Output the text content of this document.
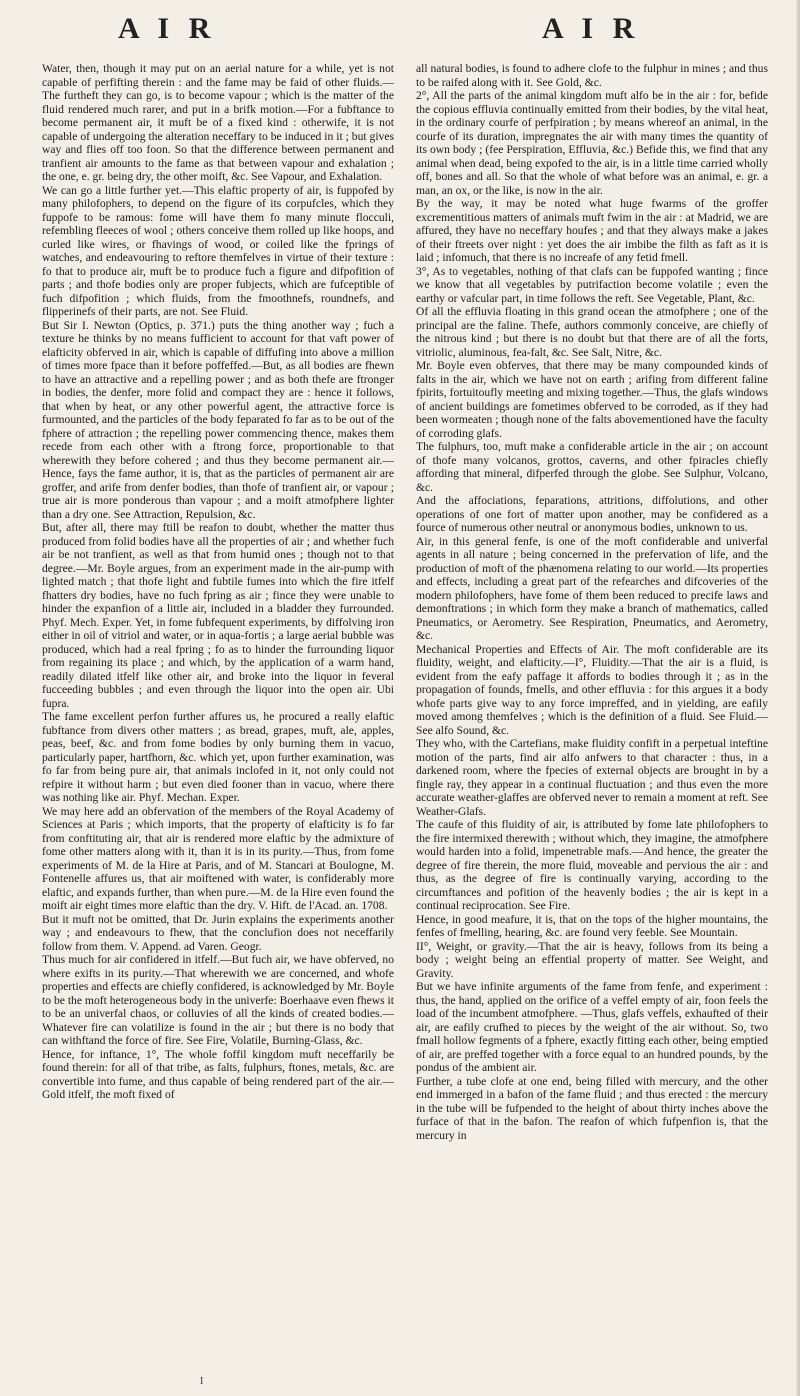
A I R	A I R

Water, then, though it may put on an aerial nature for a while, yet is not capable of perfifting therein : and the fame may be faid of other fluids.—The furtheft they can go, is to become vapour ; which is the matter of the fluid rendered much rarer, and put in a brifk motion.—For a fubftance to become permanent air, it muft be of a fixed kind : otherwife, it is not capable of undergoing the alteration neceffary to be induced in it ; but gives way and flies off too foon. So that the difference between permanent and tranfient air amounts to the fame as that between vapour and exhalation ; the one, e. gr. being dry, the other moift, &c. See Vapour, and Exhalation.

We can go a little further yet.—This elaftic property of air, is fuppofed by many philofophers, to depend on the figure of its corpufcles, which they fuppofe to be ramous: fome will have them fo many minute flocculi, refembling fleeces of wool ; others conceive them rolled up like hoops, and curled like wires, or fhavings of wood, or coiled like the fprings of watches, and endeavouring to reftore themfelves in virtue of their texture : fo that to produce air, muft be to produce fuch a figure and difpofition of parts ; and thofe bodies only are proper fubjects, which are fufceptible of fuch difpofition ; which fluids, from the fmoothnefs, roundnefs, and flipperinefs of their parts, are not. See Fluid.

But Sir I. Newton (Optics, p. 371.) puts the thing another way ; fuch a texture he thinks by no means fufficient to account for that vaft power of elafticity obferved in air, which is capable of diffufing into above a million of times more fpace than it before poffeffed.—But, as all bodies are fhewn to have an attractive and a repelling power ; and as both thefe are ftronger in bodies, the denfer, more folid and compact they are : hence it follows, that when by heat, or any other powerful agent, the attractive force is furmounted, and the particles of the body feparated fo far as to be out of the fphere of attraction ; the repelling power commencing thence, makes them recede from each other with a ftrong force, proportionable to that wherewith they before cohered ; and thus they become permanent air.—Hence, fays the fame author, it is, that as the particles of permanent air are groffer, and arife from denfer bodies, than thofe of tranfient air, or vapour ; true air is more ponderous than vapour ; and a moift atmofphere lighter than a dry one. See Attraction, Repulsion, &c.

But, after all, there may ftill be reafon to doubt, whether the matter thus produced from folid bodies have all the properties of air ; and whether fuch air be not tranfient, as well as that from humid ones ; though not to that degree.—Mr. Boyle argues, from an experiment made in the air-pump with lighted match ; that thofe light and fubtile fumes into which the fire itfelf fhatters dry bodies, have no fuch fpring as air ; fince they were unable to hinder the expanfion of a little air, included in a bladder they furrounded. Phyf. Mech. Exper. Yet, in fome fubfequent experiments, by diffolving iron either in oil of vitriol and water, or in aqua-fortis ; a large aerial bubble was produced, which had a real fpring ; fo as to hinder the furrounding liquor from regaining its place ; and which, by the application of a warm hand, readily dilated itfelf like other air, and broke into the liquor in feveral fucceeding bubbles ; and even through the liquor into the open air. Ubi fupra.

The fame excellent perfon further affures us, he procured a really elaftic fubftance from divers other matters ; as bread, grapes, muft, ale, apples, peas, beef, &c. and from fome bodies by only burning them in vacuo, particularly paper, hartfhorn, &c. which yet, upon further examination, was fo far from being pure air, that animals inclofed in it, not only could not refpire it without harm ; but even died fooner than in vacuo, where there was nothing like air. Phyf. Mechan. Exper.

We may here add an obfervation of the members of the Royal Academy of Sciences at Paris ; which imports, that the property of elafticity is fo far from conftituting air, that air is rendered more elaftic by the admixture of fome other matters along with it, than it is in its purity.—Thus, from fome experiments of M. de la Hire at Paris, and of M. Stancari at Boulogne, M. Fontenelle affures us, that air moiftened with water, is confiderably more elaftic, and expands further, than when pure.—M. de la Hire even found the moift air eight times more elaftic than the dry. V. Hift. de l'Acad. an. 1708.

But it muft not be omitted, that Dr. Jurin explains the experiments another way ; and endeavours to fhew, that the conclufion does not neceffarily follow from them. V. Append. ad Varen. Geogr.

Thus much for air confidered in itfelf.—But fuch air, we have obferved, no where exifts in its purity.—That wherewith we are concerned, and whofe properties and effects are chiefly confidered, is acknowledged by Mr. Boyle to be the moft heterogeneous body in the univerfe: Boerhaave even fhews it to be an univerfal chaos, or colluvies of all the kinds of created bodies.—Whatever fire can volatilize is found in the air ; but there is no body that can withftand the force of fire. See Fire, Volatile, Burning-Glass, &c.

Hence, for inftance, 1°, The whole foffil kingdom muft neceffarily be found therein: for all of that tribe, as falts, fulphurs, ftones, metals, &c. are convertible into fume, and thus capable of being rendered part of the air.—Gold itfelf, the moft fixed of

all natural bodies, is found to adhere clofe to the fulphur in mines ; and thus to be raifed along with it. See Gold, &c.

2°, All the parts of the animal kingdom muft alfo be in the air : for, befide the copious effluvia continually emitted from their bodies, by the vital heat, in the ordinary courfe of perfpiration ; by means whereof an animal, in the courfe of its duration, impregnates the air with many times the quantity of its own body ; (fee Perspiration, Effluvia, &c.) Befide this, we find that any animal when dead, being expofed to the air, is in a little time carried wholly off, bones and all. So that the whole of what before was an animal, e. gr. a man, an ox, or the like, is now in the air.

By the way, it may be noted what huge fwarms of the groffer excrementitious matters of animals muft fwim in the air : at Madrid, we are affured, they have no neceffary houfes ; and that they always make a jakes of their ftreets over night : yet does the air imbibe the filth as faft as it is laid ; infomuch, that there is no increafe of any fetid fmell.

3°, As to vegetables, nothing of that clafs can be fuppofed wanting ; fince we know that all vegetables by putrifaction become volatile ; even the earthy or vafcular part, in time follows the reft. See Vegetable, Plant, &c.

Of all the effluvia floating in this grand ocean the atmofphere ; one of the principal are the faline. Thefe, authors commonly conceive, are chiefly of the nitrous kind ; but there is no doubt but that there are of all the forts, vitriolic, aluminous, fea-falt, &c. See Salt, Nitre, &c.

Mr. Boyle even obferves, that there may be many compounded kinds of falts in the air, which we have not on earth ; arifing from different faline fpirits, fortuitoufly meeting and mixing together.—Thus, the glafs windows of ancient buildings are fometimes obferved to be corroded, as if they had been wormeaten ; though none of the falts abovementioned have the faculty of corroding glafs.

The fulphurs, too, muft make a confiderable article in the air ; on account of thofe many volcanos, grottos, caverns, and other fpiracles chiefly affording that mineral, difperfed through the globe. See Sulphur, Volcano, &c.

And the affociations, feparations, attritions, diffolutions, and other operations of one fort of matter upon another, may be confidered as a fource of numerous other neutral or anonymous bodies, unknown to us.

Air, in this general fenfe, is one of the moft confiderable and univerfal agents in all nature ; being concerned in the prefervation of life, and the production of moft of the phænomena relating to our world.—Its properties and effects, including a great part of the refearches and difcoveries of the modern philofophers, have fome of them been reduced to precife laws and demonftrations ; in which form they make a branch of mathematics, called Pneumatics, or Aerometry. See Respiration, Pneumatics, and Aerometry, &c.

Mechanical Properties and Effects of Air. The moft confiderable are its fluidity, weight, and elafticity.—I°, Fluidity.—That the air is a fluid, is evident from the eafy paffage it affords to bodies through it ; as in the propagation of founds, fmells, and other effluvia : for this argues it a body whofe parts give way to any force impreffed, and in yielding, are eafily moved among themfelves ; which is the definition of a fluid. See Fluid.—See alfo Sound, &c.

They who, with the Cartefians, make fluidity confift in a perpetual inteftine motion of the parts, find air alfo anfwers to that character : thus, in a darkened room, where the fpecies of external objects are brought in by a fingle ray, they appear in a continual fluctuation ; and thus even the more accurate weather-glaffes are obferved never to remain a moment at reft. See Weather-Glafs.

The caufe of this fluidity of air, is attributed by fome late philofophers to the fire intermixed therewith ; without which, they imagine, the atmofphere would harden into a folid, impenetrable mafs.—And hence, the greater the degree of fire therein, the more fluid, moveable and pervious the air : and thus, as the degree of fire is continually varying, according to the circumftances and pofition of the heavenly bodies ; the air is kept in a continual reciprocation. See Fire.

Hence, in good meafure, it is, that on the tops of the higher mountains, the fenfes of fmelling, hearing, &c. are found very feeble. See Mountain.

II°, Weight, or gravity.—That the air is heavy, follows from its being a body ; weight being an effential property of matter. See Weight, and Gravity.

But we have infinite arguments of the fame from fenfe, and experiment : thus, the hand, applied on the orifice of a veffel empty of air, foon feels the load of the incumbent atmofphere. —Thus, glafs veffels, exhaufted of their air, are eafily crufhed to pieces by the weight of the air without. So, two fmall hollow fegments of a fphere, exactly fitting each other, being emptied of air, are preffed together with a force equal to an hundred pounds, by the pondus of the ambient air.

Further, a tube clofe at one end, being filled with mercury, and the other end immerged in a bafon of the fame fluid ; and thus erected : the mercury in the tube will be fufpended to the height of about thirty inches above the furface of that in the bafon. The reafon of which fufpenfion is, that the mercury in

I
